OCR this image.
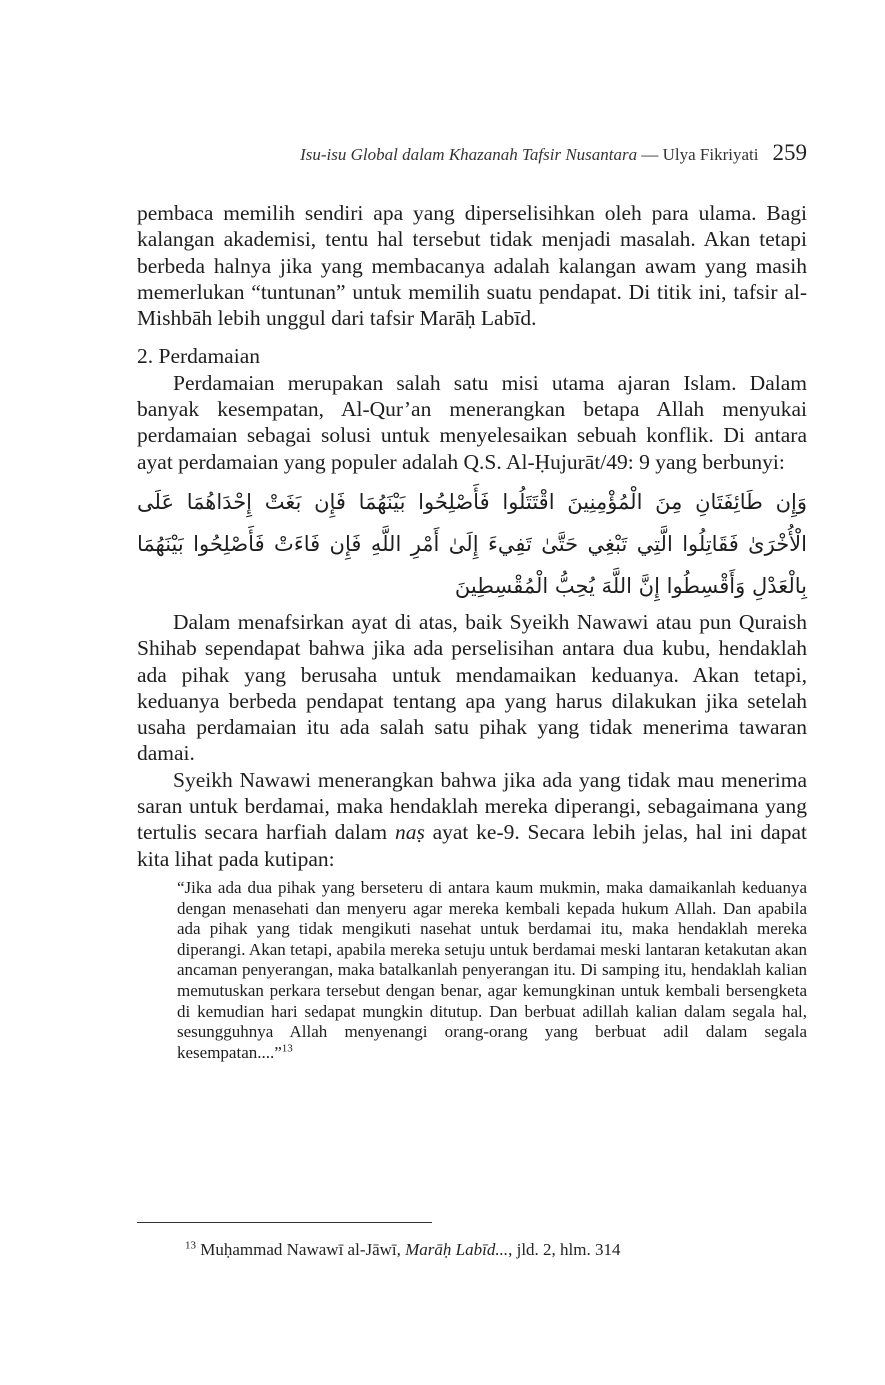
Isu-isu Global dalam Khazanah Tafsir Nusantara — Ulya Fikriyati 259

pembaca memilih sendiri apa yang diperselisihkan oleh para ulama. Bagi kalangan akademisi, tentu hal tersebut tidak menjadi masalah. Akan tetapi berbeda halnya jika yang membacanya adalah kalangan awam yang masih memerlukan “tuntunan” untuk memilih suatu pendapat. Di titik ini, tafsir al-Mishbāh lebih unggul dari tafsir Marāḥ Labīd.

2. Perdamaian

Perdamaian merupakan salah satu misi utama ajaran Islam. Dalam banyak kesempatan, Al-Qur’an menerangkan betapa Allah menyukai perdamaian sebagai solusi untuk menyelesaikan sebuah konflik. Di antara ayat perdamaian yang populer adalah Q.S. Al-Ḥujurāt/49: 9 yang berbunyi:

وَإِن طَائِفَتَانِ مِنَ الْمُؤْمِنِينَ اقْتَتَلُوا فَأَصْلِحُوا بَيْنَهُمَا فَإِن بَغَتْ إِحْدَاهُمَا عَلَى الْأُخْرَىٰ فَقَاتِلُوا الَّتِي تَبْغِي حَتَّىٰ تَفِيءَ إِلَىٰ أَمْرِ اللَّهِ فَإِن فَاءَتْ فَأَصْلِحُوا بَيْنَهُمَا بِالْعَدْلِ وَأَقْسِطُوا إِنَّ اللَّهَ يُحِبُّ الْمُقْسِطِينَ

Dalam menafsirkan ayat di atas, baik Syeikh Nawawi atau pun Quraish Shihab sependapat bahwa jika ada perselisihan antara dua kubu, hendaklah ada pihak yang berusaha untuk mendamaikan keduanya. Akan tetapi, keduanya berbeda pendapat tentang apa yang harus dilakukan jika setelah usaha perdamaian itu ada salah satu pihak yang tidak menerima tawaran damai.

Syeikh Nawawi menerangkan bahwa jika ada yang tidak mau menerima saran untuk berdamai, maka hendaklah mereka diperangi, sebagaimana yang tertulis secara harfiah dalam naṣ ayat ke-9. Secara lebih jelas, hal ini dapat kita lihat pada kutipan:

“Jika ada dua pihak yang berseteru di antara kaum mukmin, maka damaikanlah keduanya dengan menasehati dan menyeru agar mereka kembali kepada hukum Allah. Dan apabila ada pihak yang tidak mengikuti nasehat untuk berdamai itu, maka hendaklah mereka diperangi. Akan tetapi, apabila mereka setuju untuk berdamai meski lantaran ketakutan akan ancaman penyerangan, maka batalkanlah penyerangan itu. Di samping itu, hendaklah kalian memutuskan perkara tersebut dengan benar, agar kemungkinan untuk kembali bersengketa di kemudian hari sedapat mungkin ditutup. Dan berbuat adillah kalian dalam segala hal, sesungguhnya Allah menyenangi orang-orang yang berbuat adil dalam segala kesempatan....”$^{13}$

$^{13}$ Muḥammad Nawawī al-Jāwī, Marāḥ Labīd..., jld. 2, hlm. 314
